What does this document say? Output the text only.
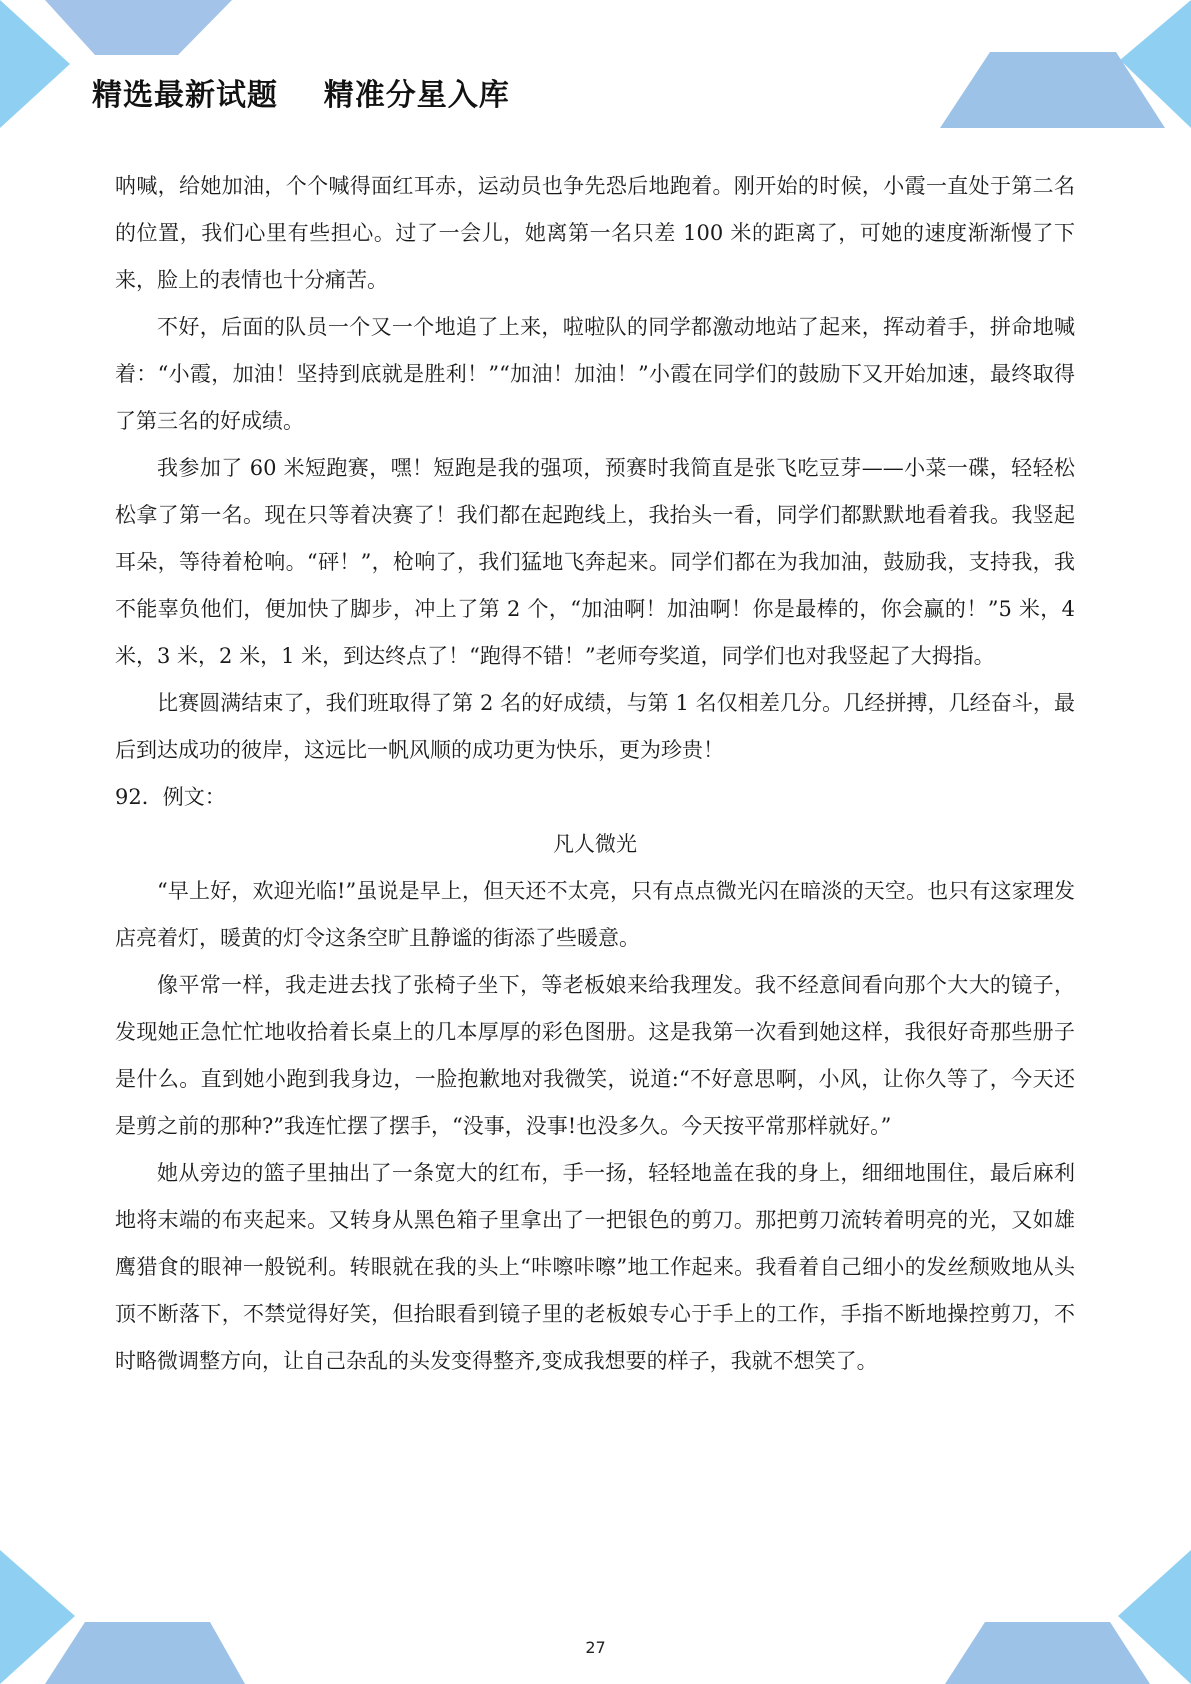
精选最新试题    精准分星入库

呐喊，给她加油，个个喊得面红耳赤，运动员也争先恐后地跑着。刚开始的时候，小霞一直处于第二名的位置，我们心里有些担心。过了一会儿，她离第一名只差 100 米的距离了，可她的速度渐渐慢了下来，脸上的表情也十分痛苦。

不好，后面的队员一个又一个地追了上来，啦啦队的同学都激动地站了起来，挥动着手，拼命地喊着：“小霞，加油！坚持到底就是胜利！”“加油！加油！”小霞在同学们的鼓励下又开始加速，最终取得了第三名的好成绩。

我参加了 60 米短跑赛，嘿！短跑是我的强项，预赛时我简直是张飞吃豆芽——小菜一碟，轻轻松松拿了第一名。现在只等着决赛了！我们都在起跑线上，我抬头一看，同学们都默默地看着我。我竖起耳朵，等待着枪响。“砰！”，枪响了，我们猛地飞奔起来。同学们都在为我加油，鼓励我，支持我，我不能辜负他们，便加快了脚步，冲上了第 2 个，“加油啊！加油啊！你是最棒的，你会赢的！”5 米，4 米，3 米，2 米，1 米，到达终点了！“跑得不错！”老师夸奖道，同学们也对我竖起了大拇指。

比赛圆满结束了，我们班取得了第 2 名的好成绩，与第 1 名仅相差几分。几经拼搏，几经奋斗，最后到达成功的彼岸，这远比一帆风顺的成功更为快乐，更为珍贵！

92．例文：

凡人微光

“早上好，欢迎光临!”虽说是早上，但天还不太亮，只有点点微光闪在暗淡的天空。也只有这家理发店亮着灯，暖黄的灯令这条空旷且静谧的街添了些暖意。

像平常一样，我走进去找了张椅子坐下，等老板娘来给我理发。我不经意间看向那个大大的镜子，发现她正急忙忙地收拾着长桌上的几本厚厚的彩色图册。这是我第一次看到她这样，我很好奇那些册子是什么。直到她小跑到我身边，一脸抱歉地对我微笑，说道:“不好意思啊，小风，让你久等了，今天还是剪之前的那种?”我连忙摆了摆手，“没事，没事!也没多久。今天按平常那样就好。”

她从旁边的篮子里抽出了一条宽大的红布，手一扬，轻轻地盖在我的身上，细细地围住，最后麻利地将末端的布夹起来。又转身从黑色箱子里拿出了一把银色的剪刀。那把剪刀流转着明亮的光，又如雄鹰猎食的眼神一般锐利。转眼就在我的头上“咔嚓咔嚓”地工作起来。我看着自己细小的发丝颓败地从头顶不断落下，不禁觉得好笑，但抬眼看到镜子里的老板娘专心于手上的工作，手指不断地操控剪刀，不时略微调整方向，让自己杂乱的头发变得整齐,变成我想要的样子，我就不想笑了。

27
